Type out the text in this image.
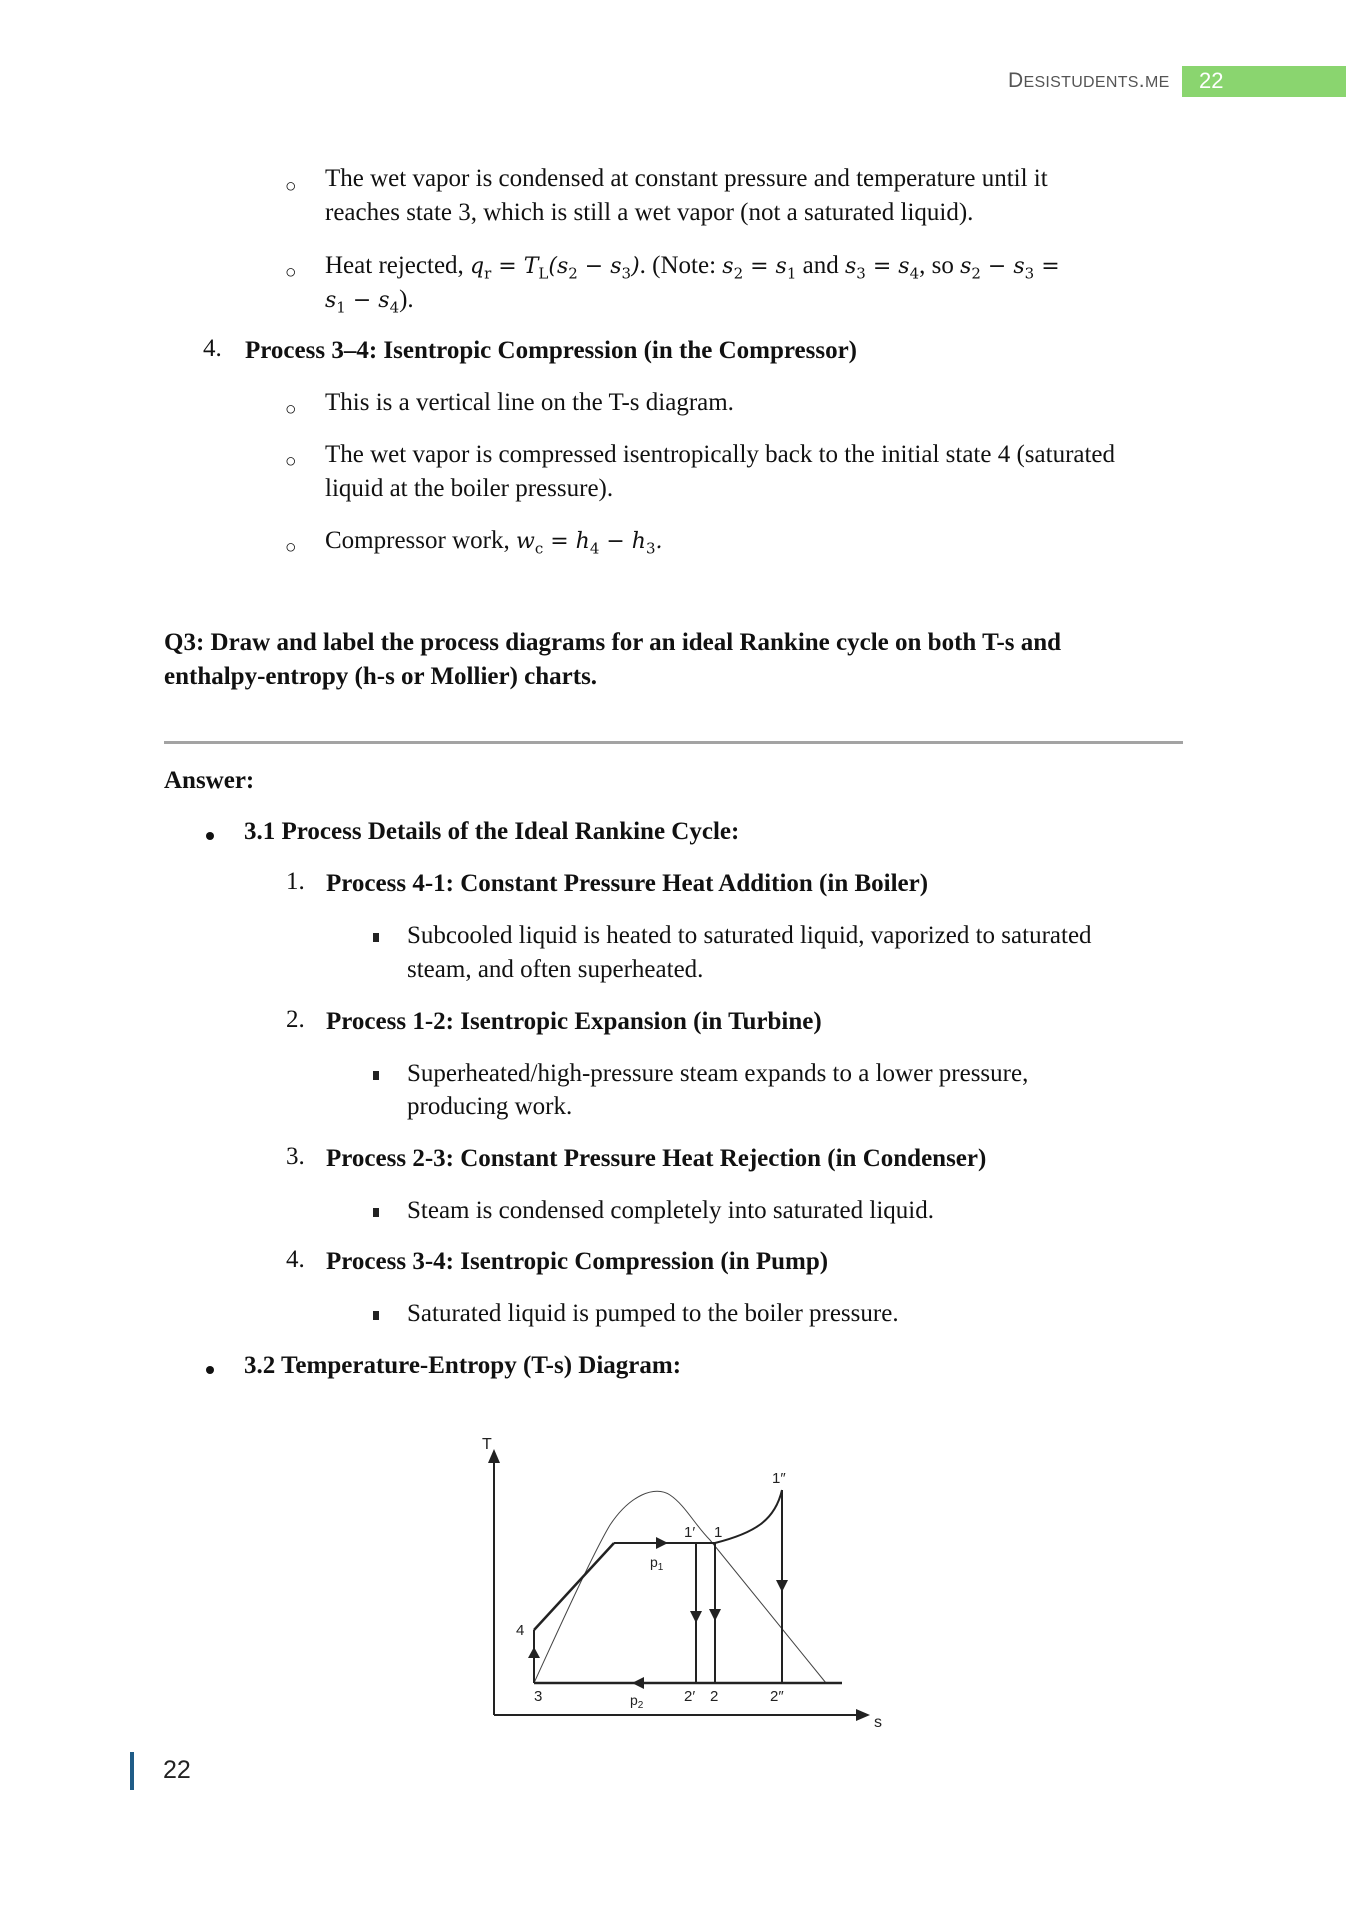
DESISTUDENTS.ME 22
○ The wet vapor is condensed at constant pressure and temperature until it
reaches state 3, which is still a wet vapor (not a saturated liquid).
○ Heat rejected, $q_r = T_L(s_2 - s_3)$. (Note: $s_2 = s_1$ and $s_3 = s_4$, so $s_2 - s_3$ =
$s_1 - s_4$).
4. Process 3–4: Isentropic Compression (in the Compressor)
○ This is a vertical line on the T-s diagram.
○ The wet vapor is compressed isentropically back to the initial state 4 (saturated
liquid at the boiler pressure).
○ Compressor work, $w_c = h_4 - h_3$.
Q3: Draw and label the process diagrams for an ideal Rankine cycle on both T-s and
enthalpy-entropy (h-s or Mollier) charts.
Answer:
3.1 Process Details of the Ideal Rankine Cycle:
1. Process 4-1: Constant Pressure Heat Addition (in Boiler)
Subcooled liquid is heated to saturated liquid, vaporized to saturated
steam, and often superheated.
2. Process 1-2: Isentropic Expansion (in Turbine)
Superheated/high-pressure steam expands to a lower pressure,
producing work.
3. Process 2-3: Constant Pressure Heat Rejection (in Condenser)
Steam is condensed completely into saturated liquid.
4. Process 3-4: Isentropic Compression (in Pump)
Saturated liquid is pumped to the boiler pressure.
3.2 Temperature-Entropy (T-s) Diagram:
T
s
4
3
$p_1$
$p_2$
1′ 1
1″
2′ 2	2″
22
